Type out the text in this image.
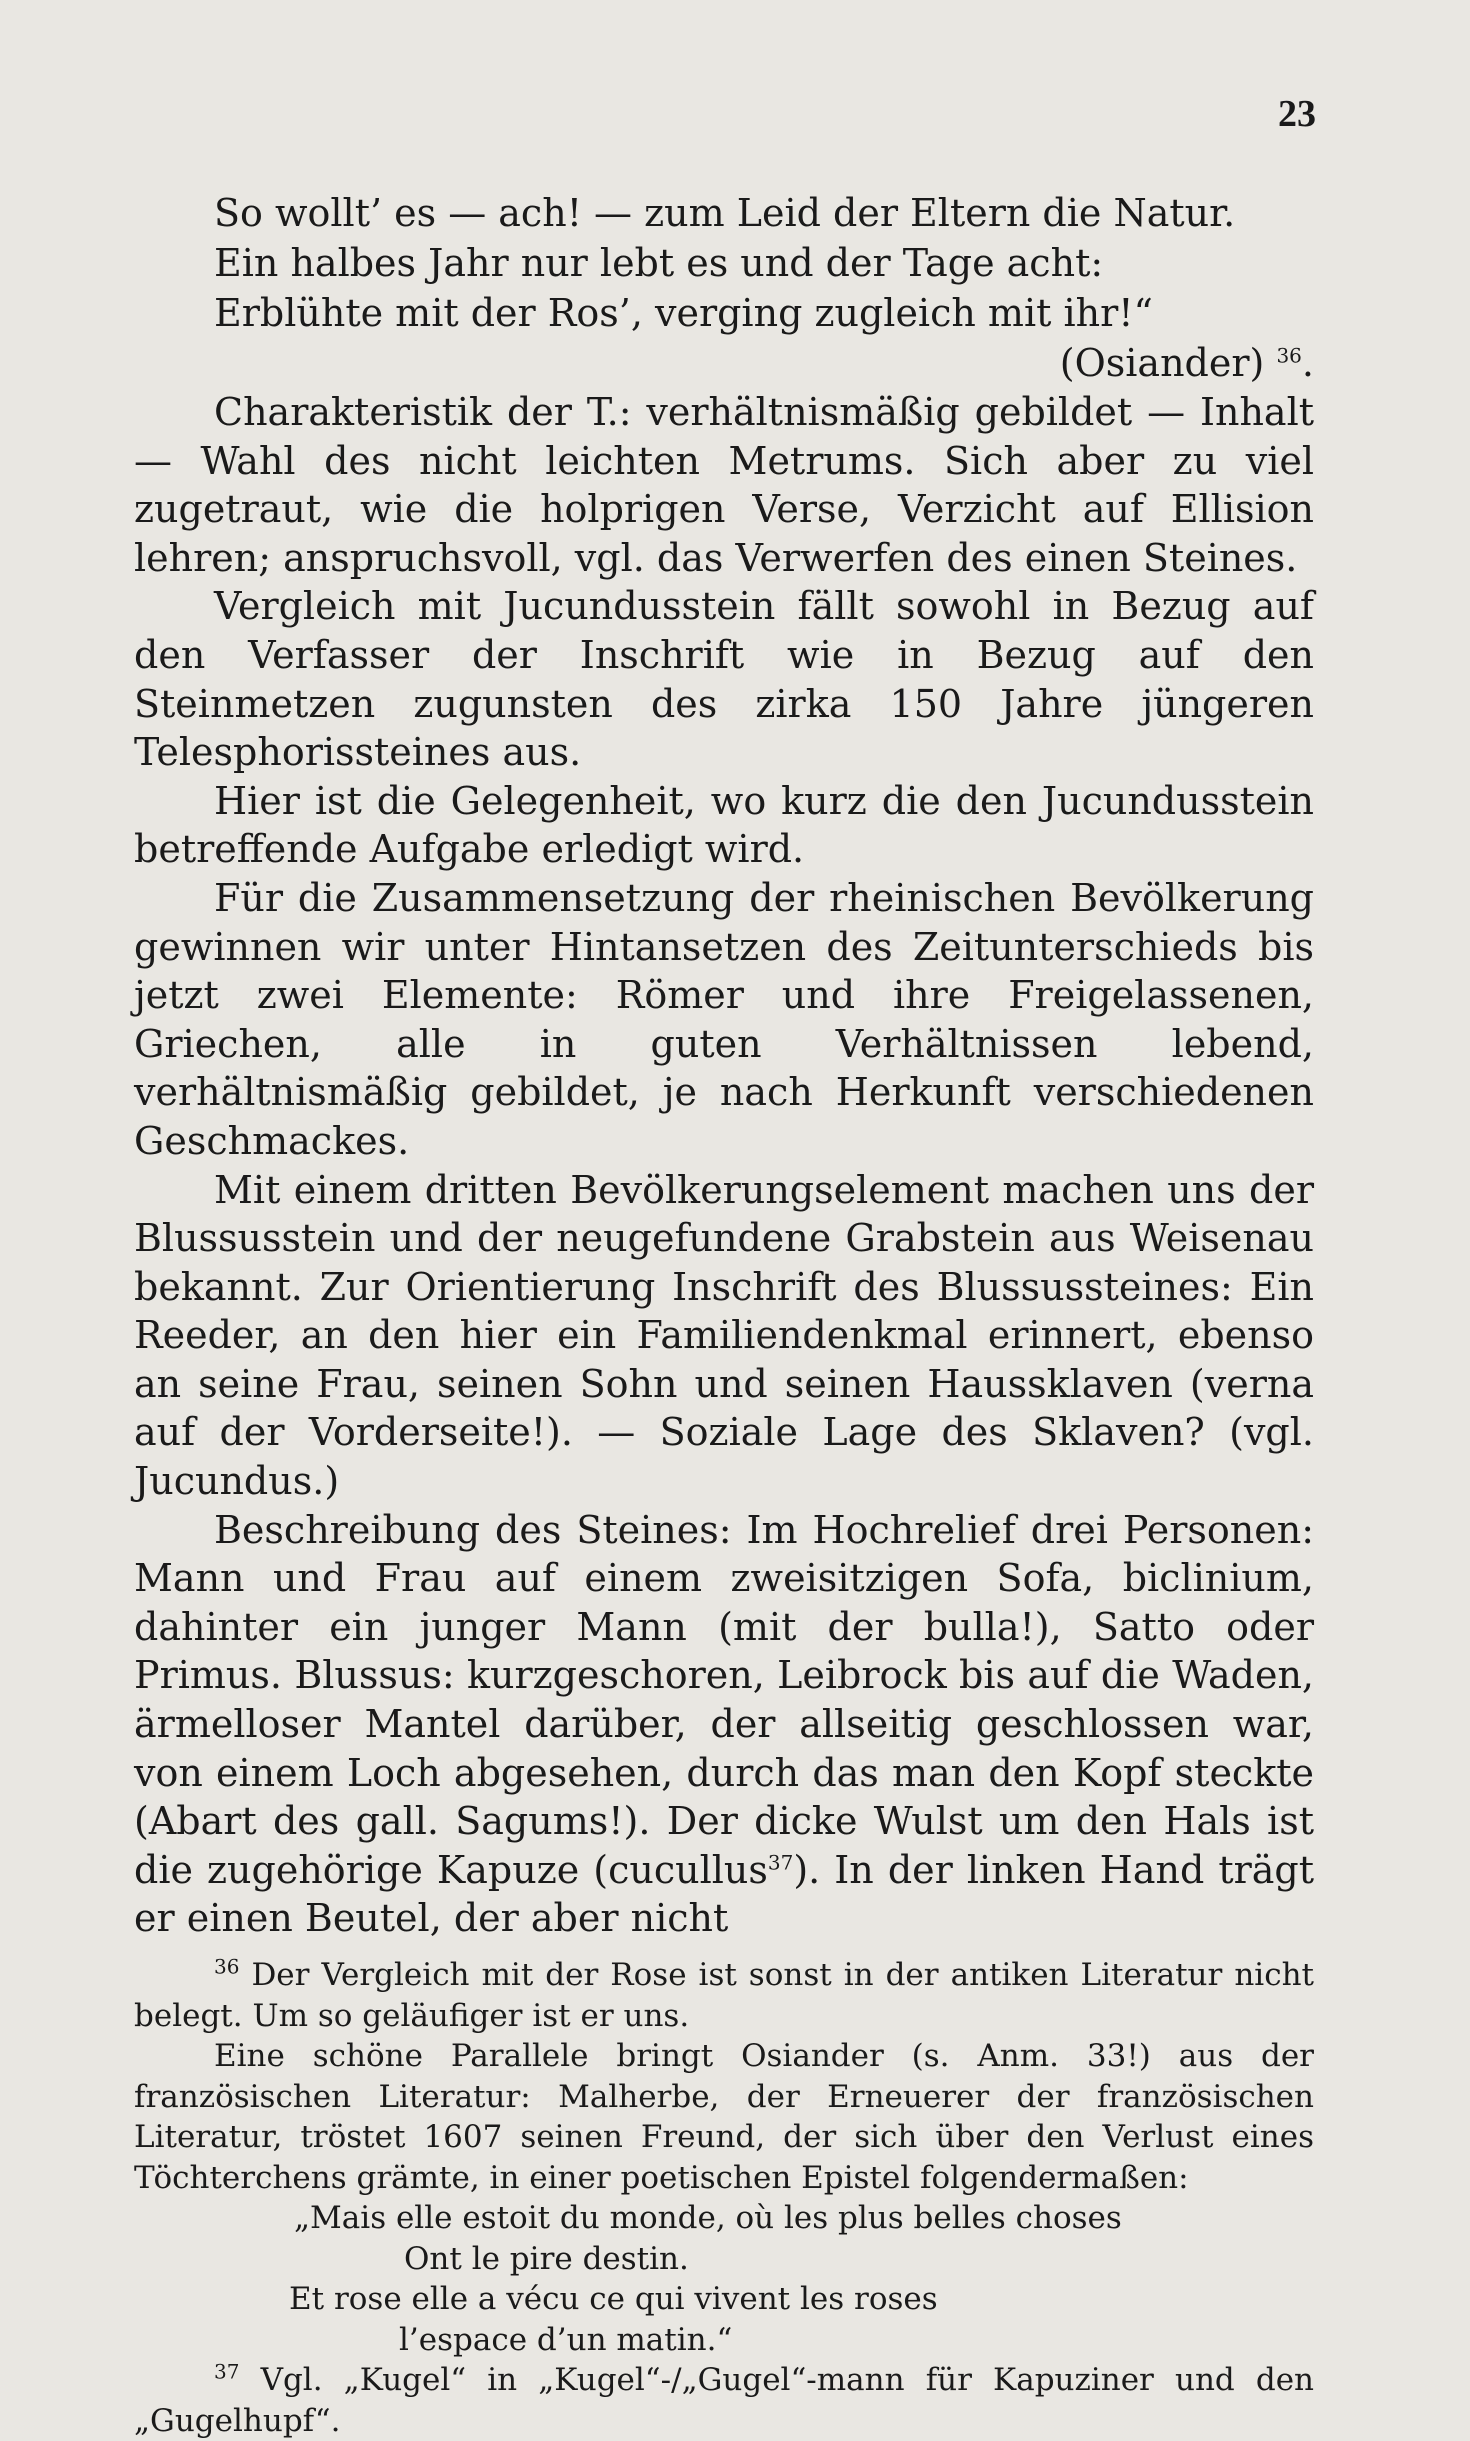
23
So wollt’ es — ach! — zum Leid der Eltern die Natur.
Ein halbes Jahr nur lebt es und der Tage acht:
Erblühte mit der Ros’, verging zugleich mit ihr!“
(Osiander) $^{36}$.

Charakteristik der T.: verhältnismäßig gebildet — Inhalt — Wahl des nicht leichten Metrums. Sich aber zu viel zugetraut, wie die holprigen Verse, Verzicht auf Ellision lehren; anspruchsvoll, vgl. das Verwerfen des einen Steines.

Vergleich mit Jucundusstein fällt sowohl in Bezug auf den Verfasser der Inschrift wie in Bezug auf den Steinmetzen zugunsten des zirka 150 Jahre jüngeren Telesphorissteines aus.

Hier ist die Gelegenheit, wo kurz die den Jucundusstein betreffende Aufgabe erledigt wird.

Für die Zusammensetzung der rheinischen Bevölkerung gewinnen wir unter Hintansetzen des Zeitunterschieds bis jetzt zwei Elemente: Römer und ihre Freigelassenen, Griechen, alle in guten Verhältnissen lebend, verhältnismäßig gebildet, je nach Herkunft verschiedenen Geschmackes.

Mit einem dritten Bevölkerungselement machen uns der Blussusstein und der neugefundene Grabstein aus Weisenau bekannt. Zur Orientierung Inschrift des Blussussteines: Ein Reeder, an den hier ein Familiendenkmal erinnert, ebenso an seine Frau, seinen Sohn und seinen Haussklaven (verna auf der Vorderseite!). — Soziale Lage des Sklaven? (vgl. Jucundus.)

Beschreibung des Steines: Im Hochrelief drei Personen: Mann und Frau auf einem zweisitzigen Sofa, biclinium, dahinter ein junger Mann (mit der bulla!), Satto oder Primus. Blussus: kurzgeschoren, Leibrock bis auf die Waden, ärmelloser Mantel darüber, der allseitig geschlossen war, von einem Loch abgesehen, durch das man den Kopf steckte (Abart des gall. Sagums!). Der dicke Wulst um den Hals ist die zugehörige Kapuze (cucullus$^{37}$). In der linken Hand trägt er einen Beutel, der aber nicht

$^{36}$ Der Vergleich mit der Rose ist sonst in der antiken Literatur nicht belegt. Um so geläufiger ist er uns.

Eine schöne Parallele bringt Osiander (s. Anm. 33!) aus der französischen Literatur: Malherbe, der Erneuerer der französischen Literatur, tröstet 1607 seinen Freund, der sich über den Verlust eines Töchterchens grämte, in einer poetischen Epistel folgendermaßen:

„Mais elle estoit du monde, où les plus belles choses
Ont le pire destin.
Et rose elle a vécu ce qui vivent les roses
l’espace d’un matin.“

$^{37}$ Vgl. „Kugel“ in „Kugel“-/„Gugel“-mann für Kapuziner und den „Gugelhupf“.
